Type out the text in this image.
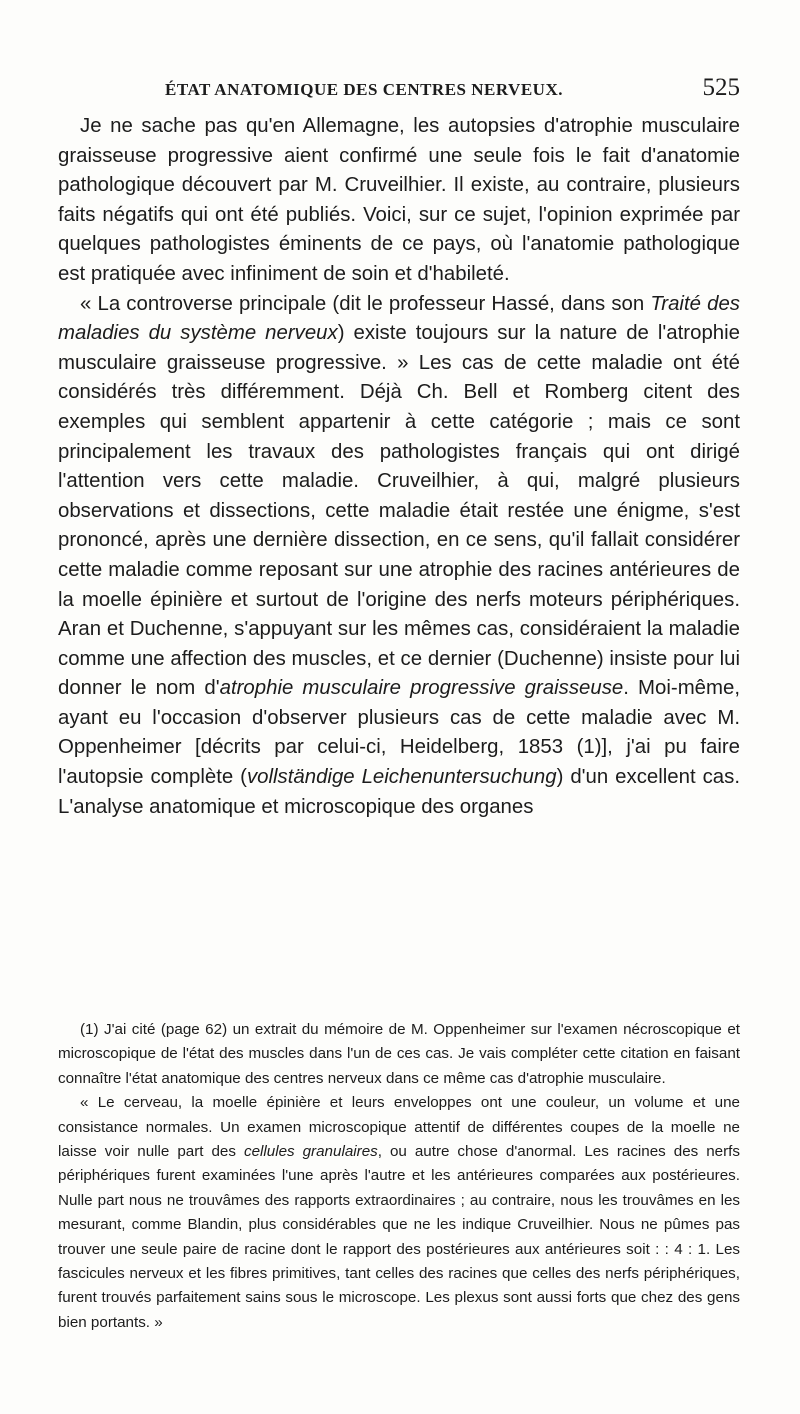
ÉTAT ANATOMIQUE DES CENTRES NERVEUX.	525

Je ne sache pas qu'en Allemagne, les autopsies d'atrophie musculaire graisseuse progressive aient confirmé une seule fois le fait d'anatomie pathologique découvert par M. Cruveilhier. Il existe, au contraire, plusieurs faits négatifs qui ont été publiés. Voici, sur ce sujet, l'opinion exprimée par quelques pathologistes éminents de ce pays, où l'anatomie pathologique est pratiquée avec infiniment de soin et d'habileté.

« La controverse principale (dit le professeur Hassé, dans son Traité des maladies du système nerveux) existe toujours sur la nature de l'atrophie musculaire graisseuse progressive. » Les cas de cette maladie ont été considérés très différemment. Déjà Ch. Bell et Romberg citent des exemples qui semblent appartenir à cette catégorie ; mais ce sont principalement les travaux des pathologistes français qui ont dirigé l'attention vers cette maladie. Cruveilhier, à qui, malgré plusieurs observations et dissections, cette maladie était restée une énigme, s'est prononcé, après une dernière dissection, en ce sens, qu'il fallait considérer cette maladie comme reposant sur une atrophie des racines antérieures de la moelle épinière et surtout de l'origine des nerfs moteurs périphériques. Aran et Duchenne, s'appuyant sur les mêmes cas, considéraient la maladie comme une affection des muscles, et ce dernier (Duchenne) insiste pour lui donner le nom d'atrophie musculaire progressive graisseuse. Moi-même, ayant eu l'occasion d'observer plusieurs cas de cette maladie avec M. Oppenheimer [décrits par celui-ci, Heidelberg, 1853 (1)], j'ai pu faire l'autopsie complète (vollständige Leichenuntersuchung) d'un excellent cas. L'analyse anatomique et microscopique des organes

(1) J'ai cité (page 62) un extrait du mémoire de M. Oppenheimer sur l'examen nécroscopique et microscopique de l'état des muscles dans l'un de ces cas. Je vais compléter cette citation en faisant connaître l'état anatomique des centres nerveux dans ce même cas d'atrophie musculaire.

« Le cerveau, la moelle épinière et leurs enveloppes ont une couleur, un volume et une consistance normales. Un examen microscopique attentif de différentes coupes de la moelle ne laisse voir nulle part des cellules granulaires, ou autre chose d'anormal. Les racines des nerfs périphériques furent examinées l'une après l'autre et les antérieures comparées aux postérieures. Nulle part nous ne trouvâmes des rapports extraordinaires ; au contraire, nous les trouvâmes en les mesurant, comme Blandin, plus considérables que ne les indique Cruveilhier. Nous ne pûmes pas trouver une seule paire de racine dont le rapport des postérieures aux antérieures soit : : 4 : 1. Les fascicules nerveux et les fibres primitives, tant celles des racines que celles des nerfs périphériques, furent trouvés parfaitement sains sous le microscope. Les plexus sont aussi forts que chez des gens bien portants. »
